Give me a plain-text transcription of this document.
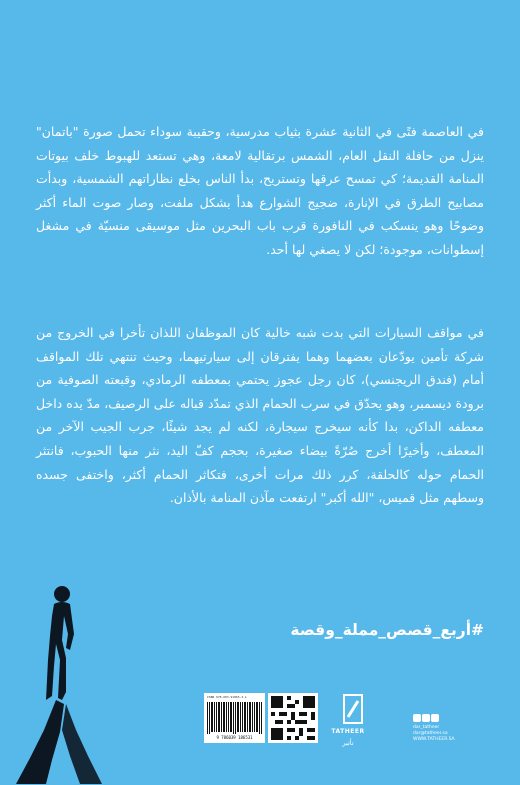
في العاصمة فتًى في الثانية عشرة بثياب مدرسية، وحقيبة سوداء تحمل صورة "باتمان" ينزل من حافلة النقل العام، الشمس برتقالية لامعة، وهي تستعد للهبوط خلف بيوتات المنامة القديمة؛ كي تمسح عرقها وتستريح، بدأ الناس بخلع نظاراتهم الشمسية، وبدأت مصابيح الطرق في الإنارة، ضجيج الشوارع هدأ بشكل ملفت، وصار صوت الماء أكثر وضوحًا وهو ينسكب في النافورة قرب باب البحرين مثل موسيقى منسيّة في مشغل إسطوانات، موجودة؛ لكن لا يصغي لها أحد.

في مواقف السيارات التي بدت شبه خالية كان الموظفان اللذان تأخرا في الخروج من شركة تأمين يودّعان بعضهما وهما يفترقان إلى سيارتيهما، وحيث تنتهي تلك المواقف أمام (فندق الريجنسي)، كان رجل عجوز يحتمي بمعطفه الرمادي، وقبعته الصوفية من برودة ديسمبر، وهو يحدّق في سرب الحمام الذي تمدّد قباله على الرصيف، مدّ يده داخل معطفه الداكن، بدا كأنه سيخرج سيجارة، لكنه لم يجد شيئًا، جرب الجيب الآخر من المعطف، وأخيرًا أخرج صُرّةً بيضاء صغيرة، بحجم كفّ اليد، نثر منها الحبوب، فانتثر الحمام حوله كالحلقة، كرر ذلك مرات أخرى، فتكاثر الحمام أكثر، واختفى جسده وسطهم مثل قميس، "الله أكبر" ارتفعت مآذن المنامة بالأذان.

#أربع_قصص_مملة_وقصة
ISBN 978-603-91865-3-1
9 786039 186531
TATHEER
تأثير
dar_tatheer
dar@tatheer.sa
WWW.TATHEER.SA
